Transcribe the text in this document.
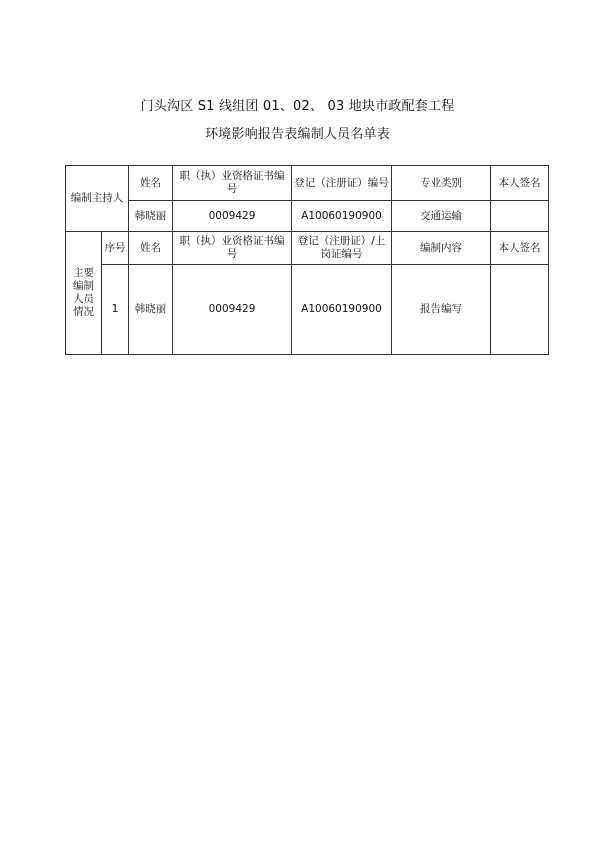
门头沟区 S1 线组团 01、02、 03 地块市政配套工程
环境影响报告表编制人员名单表
编制主持人		姓名	职（执）业资格证书编号	登记（注册证）编号	专业类别	本人签名
		韩晓丽	0009429	A10060190900	交通运输	
主要编制人员情况	序号	姓名	职（执）业资格证书编号	登记（注册证）/上岗证编号	编制内容	本人签名
	1	韩晓丽	0009429	A10060190900	报告编写	
